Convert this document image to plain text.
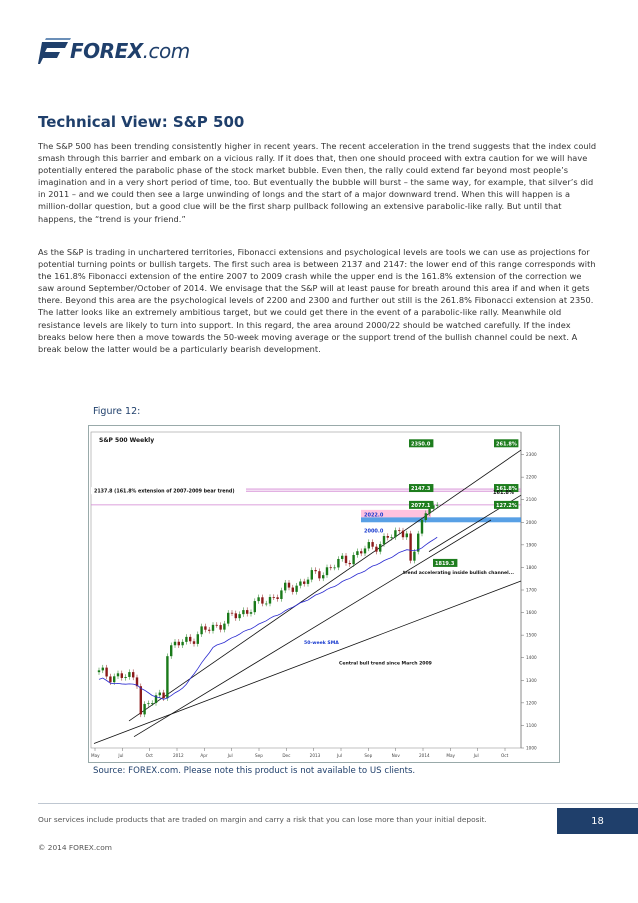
FOREX.com
Technical View: S&P 500

The S&P 500 has been trending consistently higher in recent years. The recent acceleration in the trend suggests that the index could smash through this barrier and embark on a vicious rally. If it does that, then one should proceed with extra caution for we will have potentially entered the parabolic phase of the stock market bubble. Even then, the rally could extend far beyond most people’s imagination and in a very short period of time, too. But eventually the bubble will burst – the same way, for example, that silver’s did in 2011 – and we could then see a large unwinding of longs and the start of a major downward trend. When this will happen is a million-dollar question, but a good clue will be the first sharp pullback following an extensive parabolic-like rally. But until that happens, the “trend is your friend.”

As the S&P is trading in unchartered territories, Fibonacci extensions and psychological levels are tools we can use as projections for potential turning points or bullish targets. The first such area is between 2137 and 2147: the lower end of this range corresponds with the 161.8% Fibonacci extension of the entire 2007 to 2009 crash while the upper end is the 161.8% extension of the correction we saw around September/October of 2014. We envisage that the S&P will at least pause for breath around this area if and when it gets there. Beyond this area are the psychological levels of 2200 and 2300 and further out still is the 261.8% Fibonacci extension at 2350. The latter looks like an extremely ambitious target, but we could get there in the event of a parabolic-like rally. Meanwhile old resistance levels are likely to turn into support. In this regard, the area around 2000/22 should be watched carefully. If the index breaks below here then a move towards the 50-week moving average or the support trend of the bullish channel could be next. A break below the latter would be a particularly bearish development.

Figure 12:
1000
1100
1200
1300
1400
1500
1600
1700
1800
1900
2000
2100
2200
2300
May	Jul	Oct	2012	Apr	Jul	Sep	Dec	2013	Jul	Sep	Nov	2014	May	Jul	Oct
S&P 500 Weekly
2350.0	261.8%
2147.3	161.8%
161.8%
2077.1	127.2%
2022.0
2000.0
1819.3
2137.8 (161.8% extension of 2007-2009 bear trend)
trend accelerating inside bullish channel...
50-week SMA
Central bull trend since March 2009
Source: FOREX.com. Please note this product is not available to US clients.
Our services include products that are traded on margin and carry a risk that you can lose more than your initial deposit.
© 2014 FOREX.com
18
